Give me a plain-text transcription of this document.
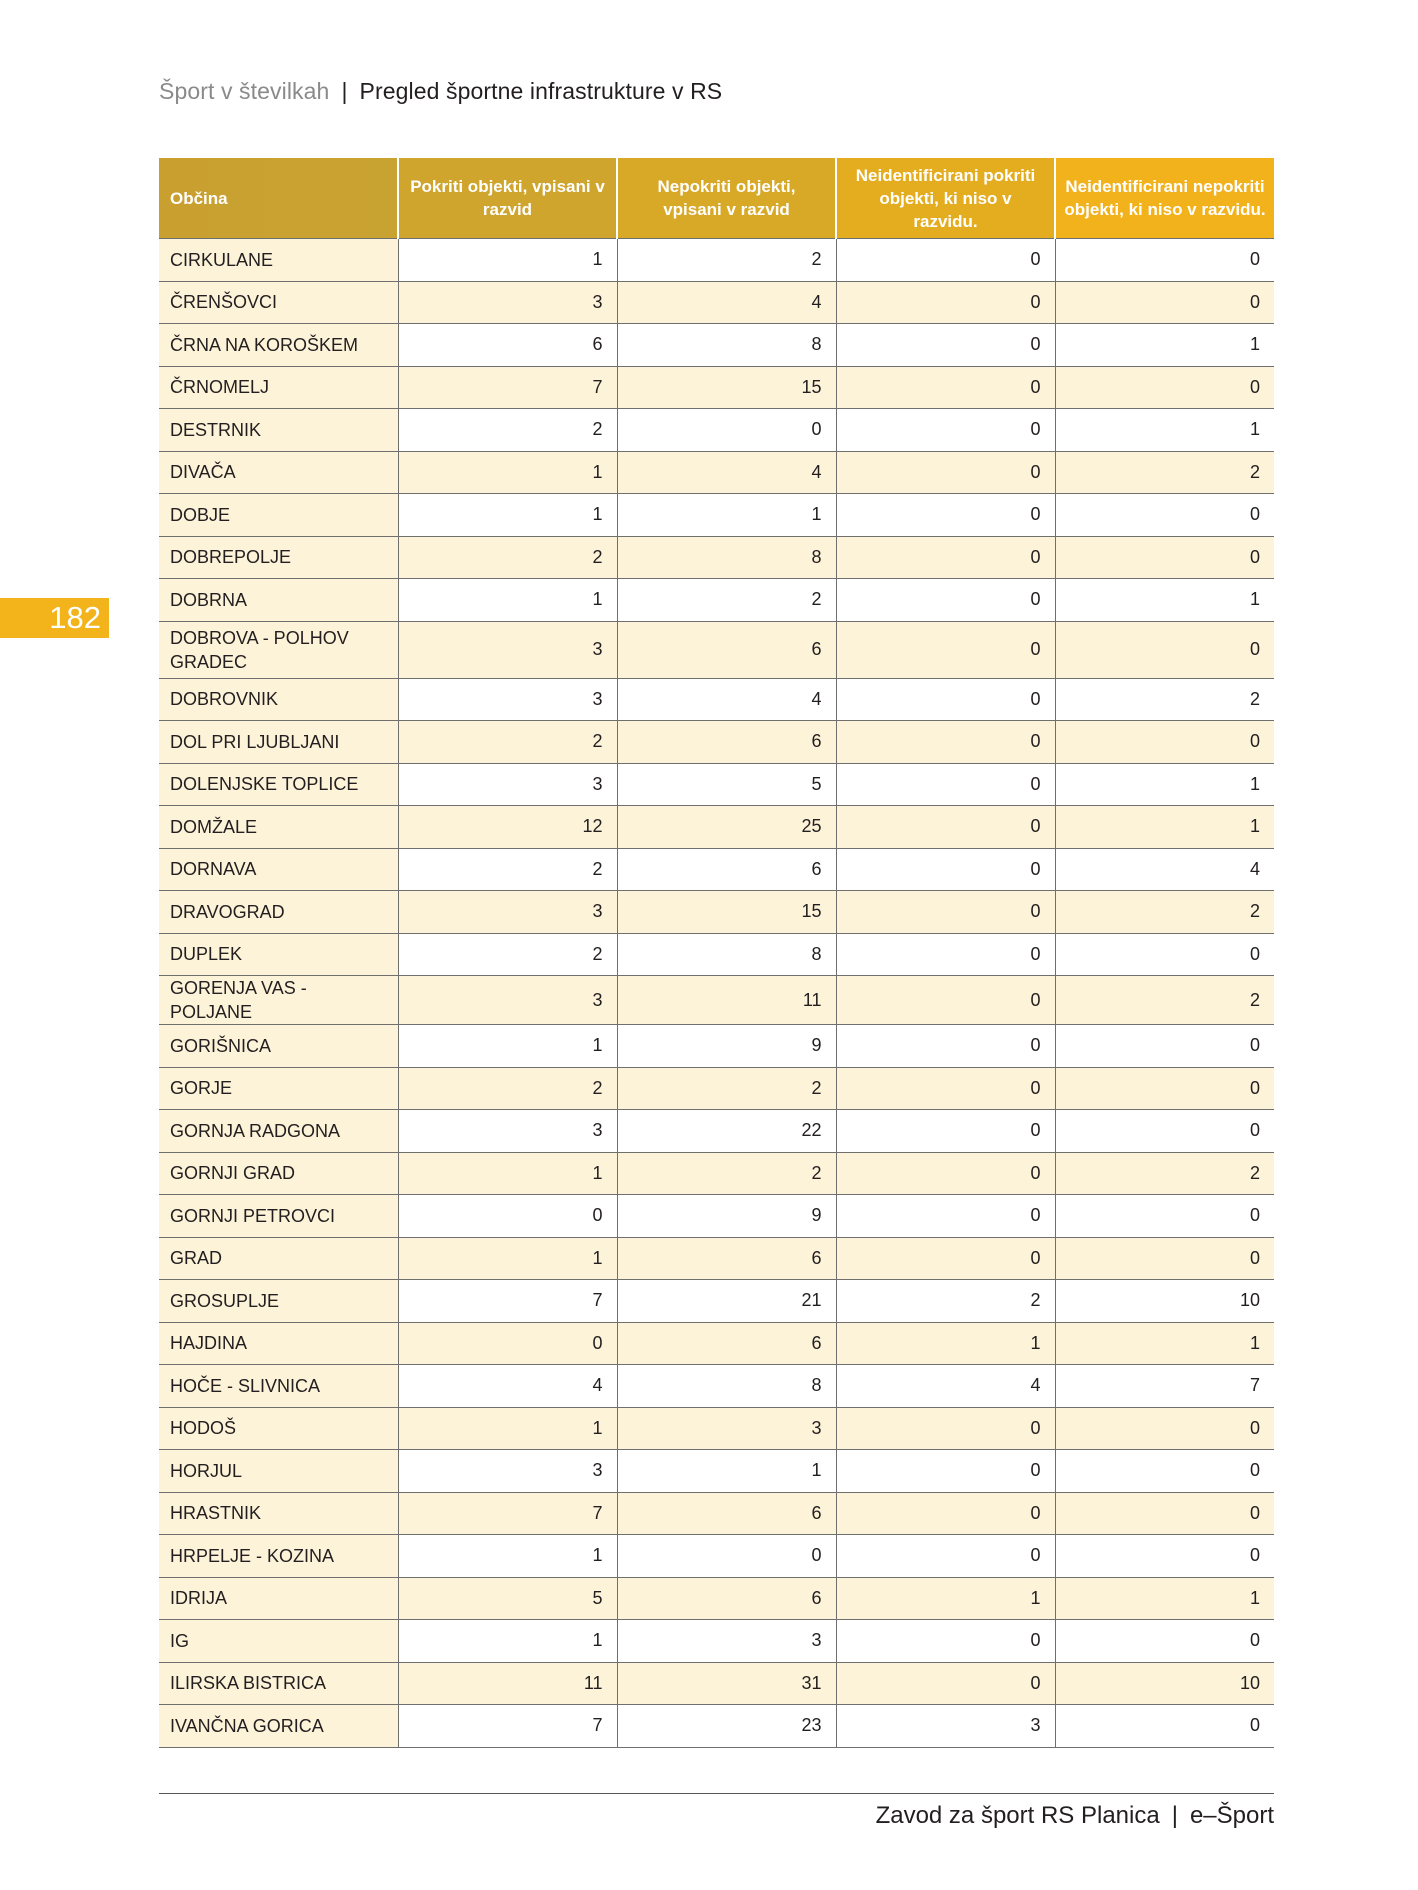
Šport v številkah | Pregled športne infrastrukture v RS
182
Občina	Pokriti objekti, vpisani v razvid	Nepokriti objekti, vpisani v razvid	Neidentificirani pokriti objekti, ki niso v razvidu.	Neidentificirani nepokriti objekti, ki niso v razvidu.
CIRKULANE	1	2	0	0
ČRENŠOVCI	3	4	0	0
ČRNA NA KOROŠKEM	6	8	0	1
ČRNOMELJ	7	15	0	0
DESTRNIK	2	0	0	1
DIVAČA	1	4	0	2
DOBJE	1	1	0	0
DOBREPOLJE	2	8	0	0
DOBRNA	1	2	0	1
DOBROVA - POLHOV GRADEC	3	6	0	0
DOBROVNIK	3	4	0	2
DOL PRI LJUBLJANI	2	6	0	0
DOLENJSKE TOPLICE	3	5	0	1
DOMŽALE	12	25	0	1
DORNAVA	2	6	0	4
DRAVOGRAD	3	15	0	2
DUPLEK	2	8	0	0
GORENJA VAS - POLJANE	3	11	0	2
GORIŠNICA	1	9	0	0
GORJE	2	2	0	0
GORNJA RADGONA	3	22	0	0
GORNJI GRAD	1	2	0	2
GORNJI PETROVCI	0	9	0	0
GRAD	1	6	0	0
GROSUPLJE	7	21	2	10
HAJDINA	0	6	1	1
HOČE - SLIVNICA	4	8	4	7
HODOŠ	1	3	0	0
HORJUL	3	1	0	0
HRASTNIK	7	6	0	0
HRPELJE - KOZINA	1	0	0	0
IDRIJA	5	6	1	1
IG	1	3	0	0
ILIRSKA BISTRICA	11	31	0	10
IVANČNA GORICA	7	23	3	0
Zavod za šport RS Planica | e–Šport
